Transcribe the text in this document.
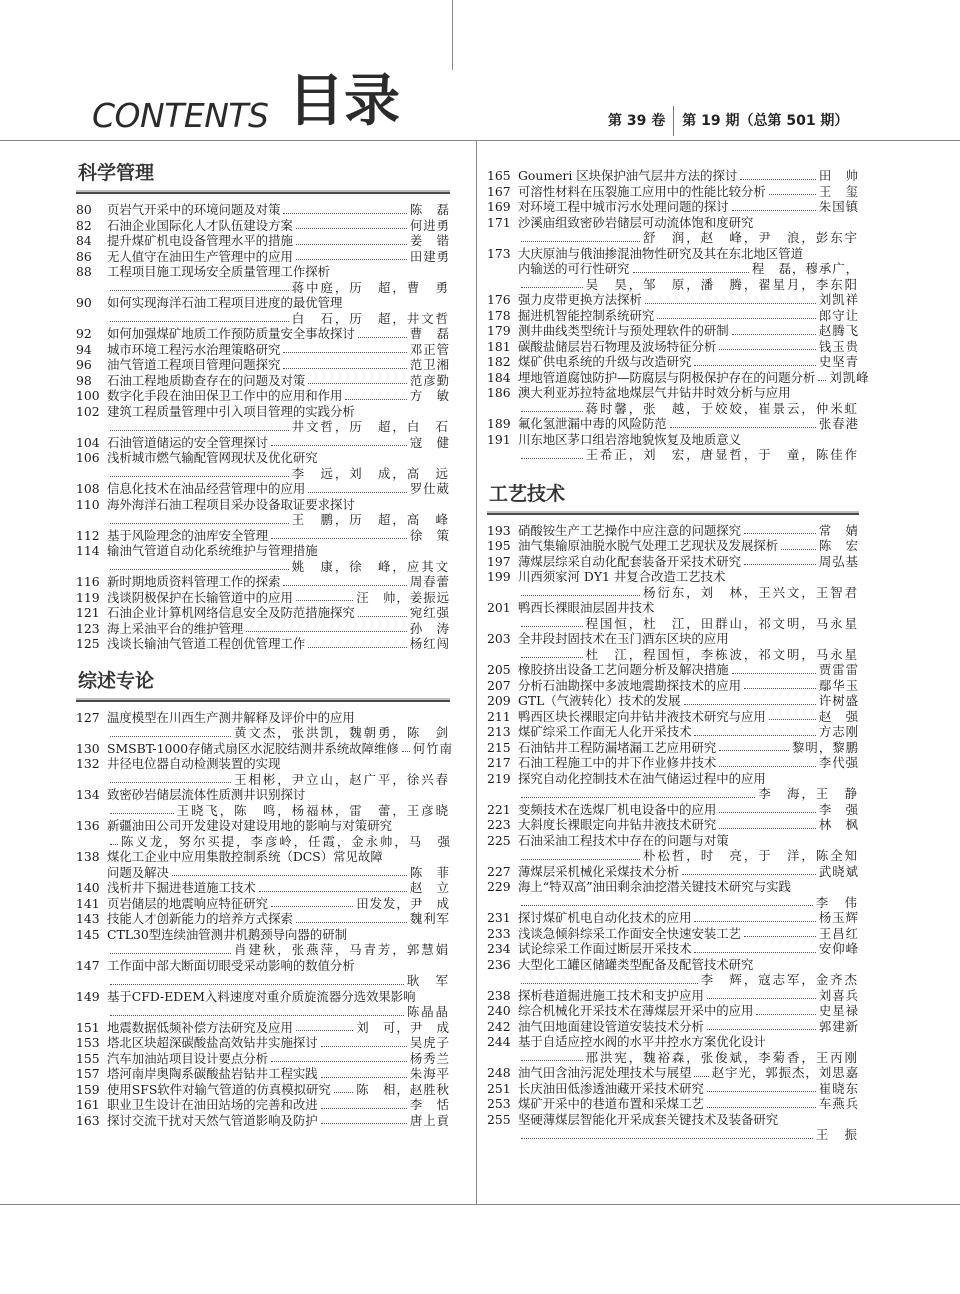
CONTENTS 目录	第 39 卷 第 19 期（总第 501 期）
科学管理
80	页岩气开采中的环境问题及对策	陈　磊
82	石油企业国际化人才队伍建设方案	何进勇
84	提升煤矿机电设备管理水平的措施	姜　锴
86	无人值守在油田生产管理中的应用	田建勇
88	工程项目施工现场安全质量管理工作探析
蒋中庭，历　超，曹　勇
90	如何实现海洋石油工程项目进度的最优管理
白　石，历　超，井文哲
92	如何加强煤矿地质工作预防质量安全事故探讨	曹　磊
94	城市环境工程污水治理策略研究	邓正管
96	油气管道工程项目管理问题探究	范卫湘
98	石油工程地质勘查存在的问题及对策	范彦勤
100 数字化手段在油田保卫工作中的应用和作用	方　敏
102 建筑工程质量管理中引入项目管理的实践分析
井文哲，历　超，白　石
104 石油管道储运的安全管理探讨	寇　健
106 浅析城市燃气输配管网现状及优化研究
李　远，刘　成，高　远
108 信息化技术在油品经营管理中的应用	罗仕葳
110 海外海洋石油工程项目采办设备取证要求探讨
王　鹏，历　超，高　峰
112 基于风险理念的油库安全管理	徐　策
114 输油气管道自动化系统维护与管理措施
姚　康，徐　峰，应其文
116 新时期地质资料管理工作的探索	周春蕾
119 浅谈阴极保护在长输管道中的应用	汪　帅，姜振远
121 石油企业计算机网络信息安全及防范措施探究	宛红强
123 海上采油平台的维护管理	孙　涛
125 浅谈长输油气管道工程创优管理工作	杨红闯
综述专论
127 温度模型在川西生产测井解释及评价中的应用
黄文杰，张洪凯，魏朝勇，陈　剑
130 SMSBT-1000存储式扇区水泥胶结测井系统故障维修 何竹南
132 井径电位器自动检测装置的实现
王相彬，尹立山，赵广平，徐兴春
134 致密砂岩储层流体性质测井识别探讨
王晓飞，陈　鸣，杨福林，雷　蕾，王彦晓
136 新疆油田公司开发建设对建设用地的影响与对策研究
陈义龙，努尔买提，李彦岭，任霞，金永帅，马　强
138 煤化工企业中应用集散控制系统（DCS）常见故障
问题及解决	陈　菲
140 浅析井下掘进巷道施工技术	赵　立
141 页岩储层的地震响应特征研究	田发发，尹　成
143 技能人才创新能力的培养方式探索	魏利军
145 CTL30型连续油管测井机鹅颈导向器的研制
肖建秋，张燕萍，马青芳，郭慧娟
147 工作面中部大断面切眼受采动影响的数值分析
耿　军
149 基于CFD-EDEM入料速度对重介质旋流器分选效果影响
陈晶晶
151 地震数据低频补偿方法研究及应用	刘　可，尹　成
153 塔北区块超深碳酸盐高效钻井实施探讨	吴虎子
155 汽车加油站项目设计要点分析	杨秀兰
157 塔河南岸奥陶系碳酸盐岩钻井工程实践	朱海平
159 使用SFS软件对输气管道的仿真模拟研究 陈　相，赵胜秋
161 职业卫生设计在油田站场的完善和改进	李　恬
163 探讨交流干扰对天然气管道影响及防护	唐上貢
165 Goumeri 区块保护油气层井方法的探讨	田　帅
167 可溶性材料在压裂施工应用中的性能比较分析	王　玺
169 对环境工程中城市污水处理问题的探讨	朱国镇
171 沙溪庙组致密砂岩储层可动流体饱和度研究
舒　润，赵　峰，尹　浪，彭东宇
173 大庆原油与俄油掺混油物性研究及其在东北地区管道
内输送的可行性研究	程　磊，穆承广，
吴　昊，邹　原，潘　腾，翟星月，李东阳
176 强力皮带更换方法探析	刘凯祥
178 掘进机智能控制系统研究	郎守让
179 测井曲线类型统计与预处理软件的研制	赵腾飞
181 碳酸盐储层岩石物理及波场特征分析	钱玉贵
182 煤矿供电系统的升级与改造研究	史坚青
184 埋地管道腐蚀防护—防腐层与阴极保护存在的问题分析 刘凯峰
186 澳大利亚苏拉特盆地煤层气井钻井时效分析与应用
蒋时馨，张　越，于姣姣，崔景云，仲米虹
189 氟化氢泄漏中毒的风险防范	张春港
191 川东地区茅口组岩溶地貌恢复及地质意义
王希正，刘　宏，唐显哲，于　童，陈佳作
工艺技术
193 硝酸铵生产工艺操作中应注意的问题探究	常　婧
195 油气集输原油脱水脱气处理工艺现状及发展探析	陈　宏
197 薄煤层综采自动化配套装备开采技术研究	周弘基
199 川西须家河 DY1 井复合改造工艺技术
杨衍东，刘　林，王兴文，王智君
201 鸭西长裸眼油层固井技术
程国恒，杜　江，田群山，祁文明，马永星
203 全井段封固技术在玉门酒东区块的应用
杜　江，程国恒，李栋波，祁文明，马永星
205 橡胶挤出设备工艺问题分析及解决措施	贾雷雷
207 分析石油勘探中多波地震勘探技术的应用	鄢华玉
209 GTL（气液转化）技术的发展	许树盛
211 鸭西区块长裸眼定向井钻井液技术研究与应用	赵　强
213 煤矿综采工作面无人化开采技术	方志刚
215 石油钻井工程防漏堵漏工艺应用研究	黎明，黎鹏
217 石油工程施工中的井下作业修井技术	李代强
219 探究自动化控制技术在油气储运过程中的应用
李　海，王　静
221 变频技术在选煤厂机电设备中的应用	李　强
223 大斜度长裸眼定向井钻井液技术研究	林　枫
225 石油采油工程技术中存在的问题与对策
朴松哲，时　亮，于　洋，陈全知
227 薄煤层采机械化采煤技术分析	武晓斌
229 海上“特双高”油田剩余油挖潜关键技术研究与实践
李　伟
231 探讨煤矿机电自动化技术的应用	杨玉辉
233 浅谈急倾斜综采工作面安全快速安装工艺	王昌红
234 试论综采工作面过断层开采技术	安仰峰
236 大型化工罐区储罐类型配备及配管技术研究
李　辉，寇志军，金齐杰
238 探析巷道掘进施工技术和支护应用	刘喜兵
240 综合机械化开采技术在薄煤层开采中的应用	史星禄
242 油气田地面建设管道安装技术分析	郭建新
244 基于自适应控水阀的水平井控水方案优化设计
邢洪宪，魏裕森，张俊斌，李菊香，王丙刚
248 油气田含油污泥处理技术与展望 赵宇光，郭振杰，刘思嘉
251 长庆油田低渗透油藏开采技术研究	崔晓东
253 煤矿开采中的巷道布置和采煤工艺	车燕兵
255 坚硬薄煤层智能化开采成套关键技术及装备研究
王　振
